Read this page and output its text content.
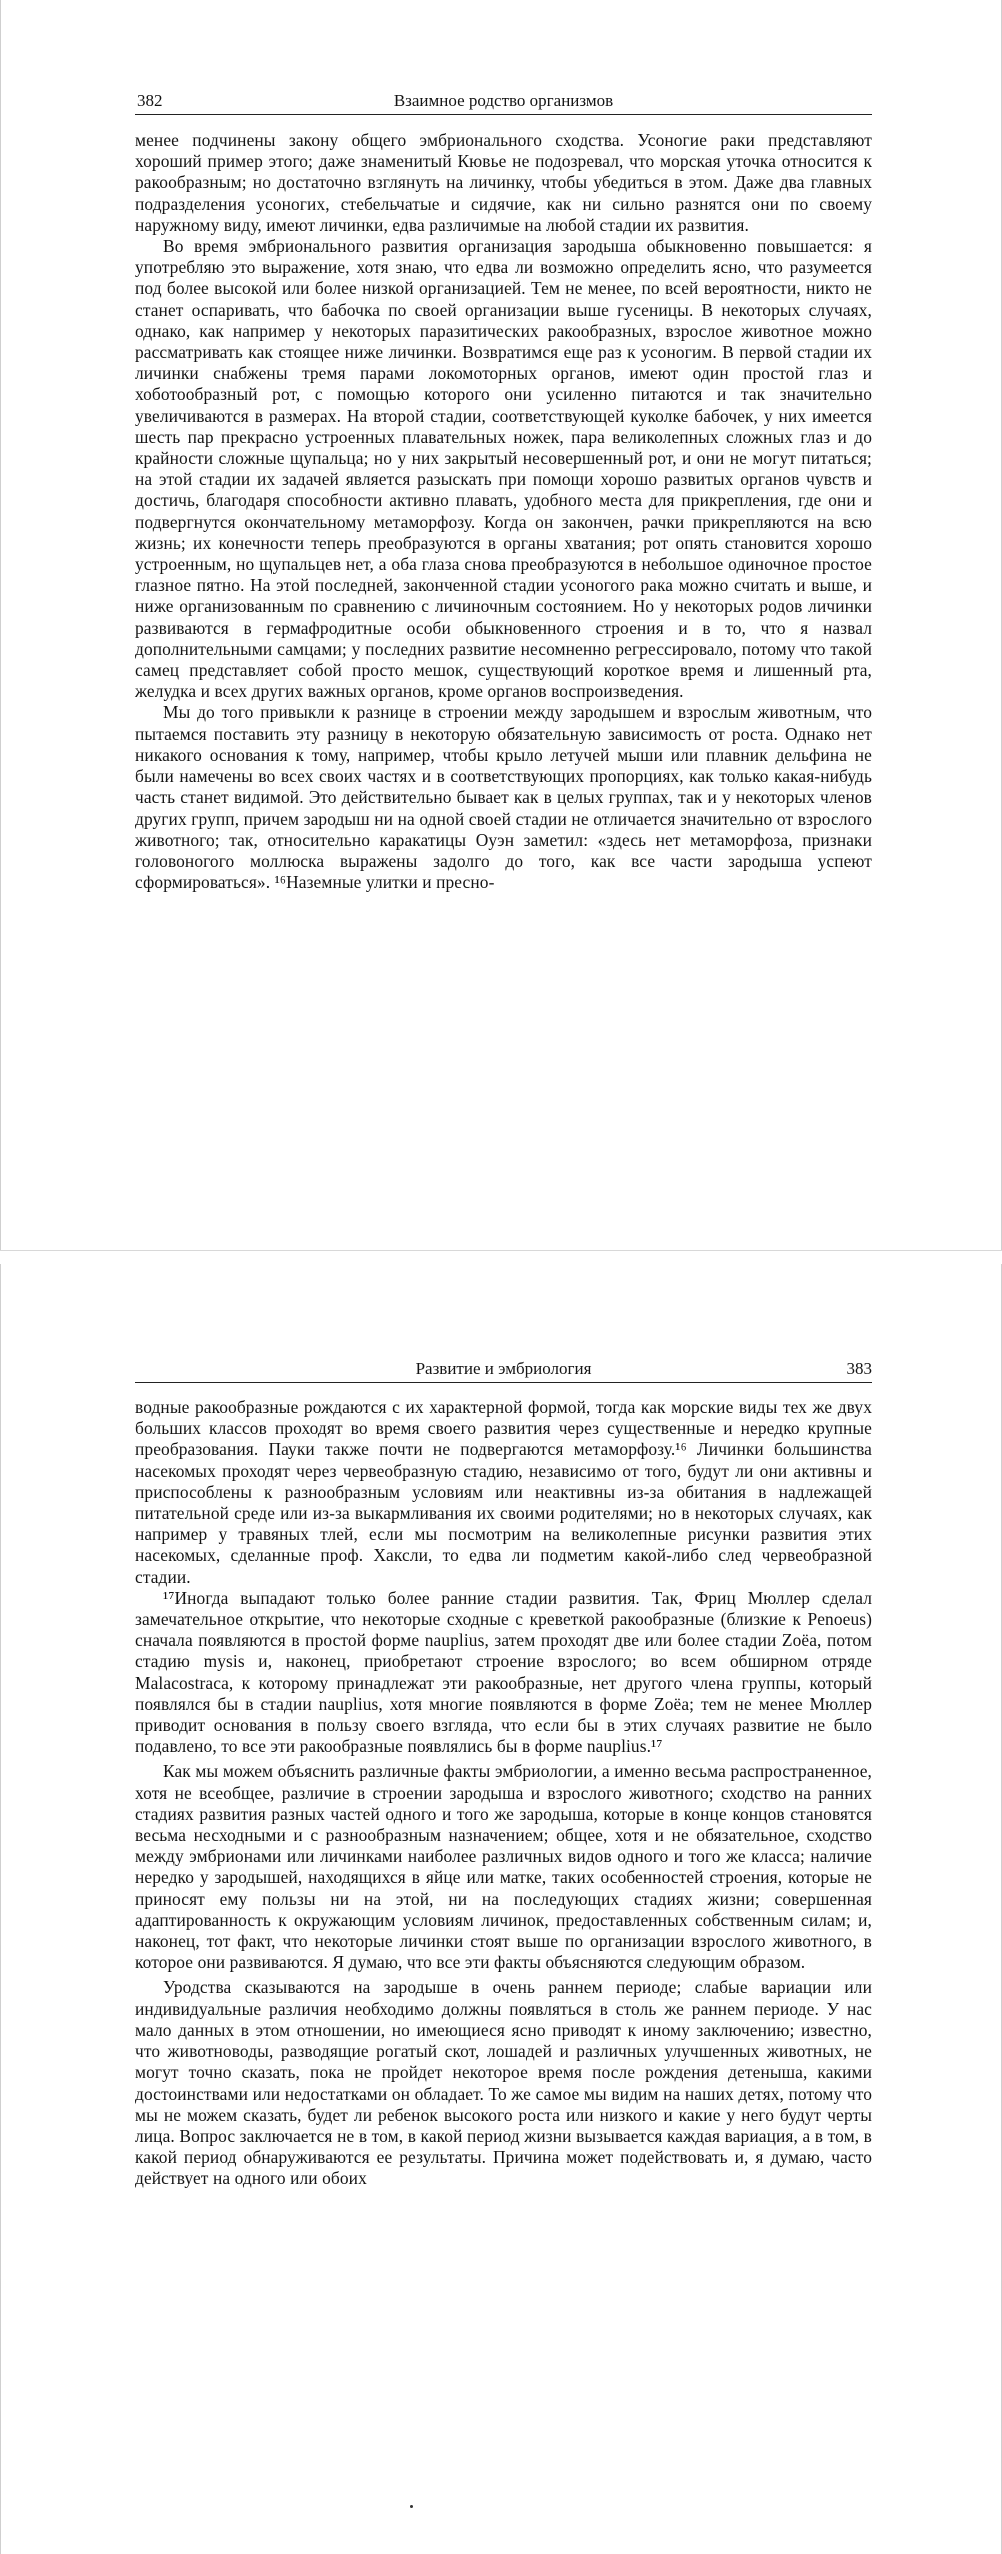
382	Взаимное родство организмов

менее подчинены закону общего эмбрионального сходства. Усоногие раки представляют хороший пример этого; даже знаменитый Кювье не подозревал, что морская уточка относится к ракообразным; но достаточно взглянуть на личинку, чтобы убедиться в этом. Даже два главных подразделения усоногих, стебельчатые и сидячие, как ни сильно разнятся они по своему наружному виду, имеют личинки, едва различимые на любой стадии их развития.

Во время эмбрионального развития организация зародыша обыкновенно повышается: я употребляю это выражение, хотя знаю, что едва ли возможно определить ясно, что разумеется под более высокой или более низкой организацией. Тем не менее, по всей вероятности, никто не станет оспаривать, что бабочка по своей организации выше гусеницы. В некоторых случаях, однако, как например у некоторых паразитических ракообразных, взрослое животное можно рассматривать как стоящее ниже личинки. Возвратимся еще раз к усоногим. В первой стадии их личинки снабжены тремя парами локомоторных органов, имеют один простой глаз и хоботообразный рот, с помощью которого они усиленно питаются и так значительно увеличиваются в размерах. На второй стадии, соответствующей куколке бабочек, у них имеется шесть пар прекрасно устроенных плавательных ножек, пара великолепных сложных глаз и до крайности сложные щупальца; но у них закрытый несовершенный рот, и они не могут питаться; на этой стадии их задачей является разыскать при помощи хорошо развитых органов чувств и достичь, благодаря способности активно плавать, удобного места для прикрепления, где они и подвергнутся окончательному метаморфозу. Когда он закончен, рачки прикрепляются на всю жизнь; их конечности теперь преобразуются в органы хватания; рот опять становится хорошо устроенным, но щупальцев нет, а оба глаза снова преобразуются в небольшое одиночное простое глазное пятно. На этой последней, законченной стадии усоногого рака можно считать и выше, и ниже организованным по сравнению с личиночным состоянием. Но у некоторых родов личинки развиваются в гермафродитные особи обыкновенного строения и в то, что я назвал дополнительными самцами; у последних развитие несомненно регрессировало, потому что такой самец представляет собой просто мешок, существующий короткое время и лишенный рта, желудка и всех других важных органов, кроме органов воспроизведения.

Мы до того привыкли к разнице в строении между зародышем и взрослым животным, что пытаемся поставить эту разницу в некоторую обязательную зависимость от роста. Однако нет никакого основания к тому, например, чтобы крыло летучей мыши или плавник дельфина не были намечены во всех своих частях и в соответствующих пропорциях, как только какая-нибудь часть станет видимой. Это действительно бывает как в целых группах, так и у некоторых членов других групп, причем зародыш ни на одной своей стадии не отличается значительно от взрослого животного; так, относительно каракатицы Оуэн заметил: «здесь нет метаморфоза, признаки головоногого моллюска выражены задолго до того, как все части зародыша успеют сформироваться». ¹⁶Наземные улитки и пресно-

Развитие и эмбриология	383

водные ракообразные рождаются с их характерной формой, тогда как морские виды тех же двух больших классов проходят во время своего развития через существенные и нередко крупные преобразования. Пауки также почти не подвергаются метаморфозу.¹⁶ Личинки большинства насекомых проходят через червеобразную стадию, независимо от того, будут ли они активны и приспособлены к разнообразным условиям или неактивны из-за обитания в надлежащей питательной среде или из-за выкармливания их своими родителями; но в некоторых случаях, как например у травяных тлей, если мы посмотрим на великолепные рисунки развития этих насекомых, сделанные проф. Хаксли, то едва ли подметим какой-либо след червеобразной стадии.

¹⁷Иногда выпадают только более ранние стадии развития. Так, Фриц Мюллер сделал замечательное открытие, что некоторые сходные с креветкой ракообразные (близкие к Penoeus) сначала появляются в простой форме nauplius, затем проходят две или более стадии Zoëa, потом стадию mysis и, наконец, приобретают строение взрослого; во всем обширном отряде Malacostraca, к которому принадлежат эти ракообразные, нет другого члена группы, который появлялся бы в стадии nauplius, хотя многие появляются в форме Zoëa; тем не менее Мюллер приводит основания в пользу своего взгляда, что если бы в этих случаях развитие не было подавлено, то все эти ракообразные появлялись бы в форме nauplius.¹⁷

Как мы можем объяснить различные факты эмбриологии, а именно весьма распространенное, хотя не всеобщее, различие в строении зародыша и взрослого животного; сходство на ранних стадиях развития разных частей одного и того же зародыша, которые в конце концов становятся весьма несходными и с разнообразным назначением; общее, хотя и не обязательное, сходство между эмбрионами или личинками наиболее различных видов одного и того же класса; наличие нередко у зародышей, находящихся в яйце или матке, таких особенностей строения, которые не приносят ему пользы ни на этой, ни на последующих стадиях жизни; совершенная адаптированность к окружающим условиям личинок, предоставленных собственным силам; и, наконец, тот факт, что некоторые личинки стоят выше по организации взрослого животного, в которое они развиваются. Я думаю, что все эти факты объясняются следующим образом.

Уродства сказываются на зародыше в очень раннем периоде; слабые вариации или индивидуальные различия необходимо должны появляться в столь же раннем периоде. У нас мало данных в этом отношении, но имеющиеся ясно приводят к иному заключению; известно, что животноводы, разводящие рогатый скот, лошадей и различных улучшенных животных, не могут точно сказать, пока не пройдет некоторое время после рождения детеныша, какими достоинствами или недостатками он обладает. То же самое мы видим на наших детях, потому что мы не можем сказать, будет ли ребенок высокого роста или низкого и какие у него будут черты лица. Вопрос заключается не в том, в какой период жизни вызывается каждая вариация, а в том, в какой период обнаруживаются ее результаты. Причина может подействовать и, я думаю, часто действует на одного или обоих
